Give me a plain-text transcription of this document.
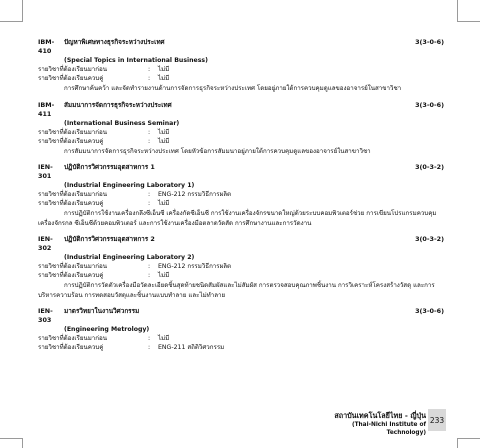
IBM-410
ปัญหาพิเศษทางธุรกิจระหว่างประเทศ	3(3-0-6)
(Special Topics in International Business)
รายวิชาที่ต้องเรียนมาก่อน	:	ไม่มี
รายวิชาที่ต้องเรียนควบคู่	:	ไม่มี
การศึกษาค้นคว้า และจัดทำรายงานด้านการจัดการธุรกิจระหว่างประเทศ โดยอยู่ภายใต้การควบคุมดูแลของอาจารย์ในสาขาวิชา
IBM-411
สัมมนาการจัดการธุรกิจระหว่างประเทศ	3(3-0-6)
(International Business Seminar)
รายวิชาที่ต้องเรียนมาก่อน	:	ไม่มี
รายวิชาที่ต้องเรียนควบคู่	:	ไม่มี
การสัมมนาการจัดการธุรกิจระหว่างประเทศ โดยหัวข้อการสัมมนาอยู่ภายใต้การควบคุมดูแลของอาจารย์ในสาขาวิชา
IEN-301
ปฏิบัติการวิศวกรรมอุตสาหการ 1	3(0-3-2)
(Industrial Engineering Laboratory 1)
รายวิชาที่ต้องเรียนมาก่อน	:	ENG-212 กรรมวิธีการผลิต
รายวิชาที่ต้องเรียนควบคู่	:	ไม่มี
การปฏิบัติการใช้งานเครื่องกลึงซีเอ็นซี เครื่องกัดซีเอ็นซี การใช้งานเครื่องจักรขนาดใหญ่ด้วยระบบคอมพิวเตอร์ช่วย การเขียนโปรแกรมควบคุมเครื่องจักรกล ซีเอ็นซีด้วยคอมพิวเตอร์ และการใช้งานเครื่องมือตลาดวัดสัด การศึกษางานและการวัดงาน
IEN-302
ปฏิบัติการวิศวกรรมอุตสาหการ 2	3(0-3-2)
(Industrial Engineering Laboratory 2)
รายวิชาที่ต้องเรียนมาก่อน	:	ENG-212 กรรมวิธีการผลิต
รายวิชาที่ต้องเรียนควบคู่	:	ไม่มี
การปฏิบัติการวัดตัวเครื่องมือวัดละเอียดชิ้นสุดท้ายชนิดสัมผัสและไม่สัมผัส การตรวจสอบคุณภาพชิ้นงาน การวิเคราะห์โครงสร้างวัสดุ และการบริหารความร้อน การทดสอบวัสดุและชิ้นงานแบบทำลาย และไม่ทำลาย
IEN-303
มาตรวิทยาในงานวิศวกรรม	3(3-0-6)
(Engineering Metrology)
รายวิชาที่ต้องเรียนมาก่อน	:	ไม่มี
รายวิชาที่ต้องเรียนควบคู่	:	ENG-211 สถิติวิศวกรรม
สถาบันเทคโนโลยีไทย - ญี่ปุ่น
(Thai-Nichi Institute of Technology)
233
